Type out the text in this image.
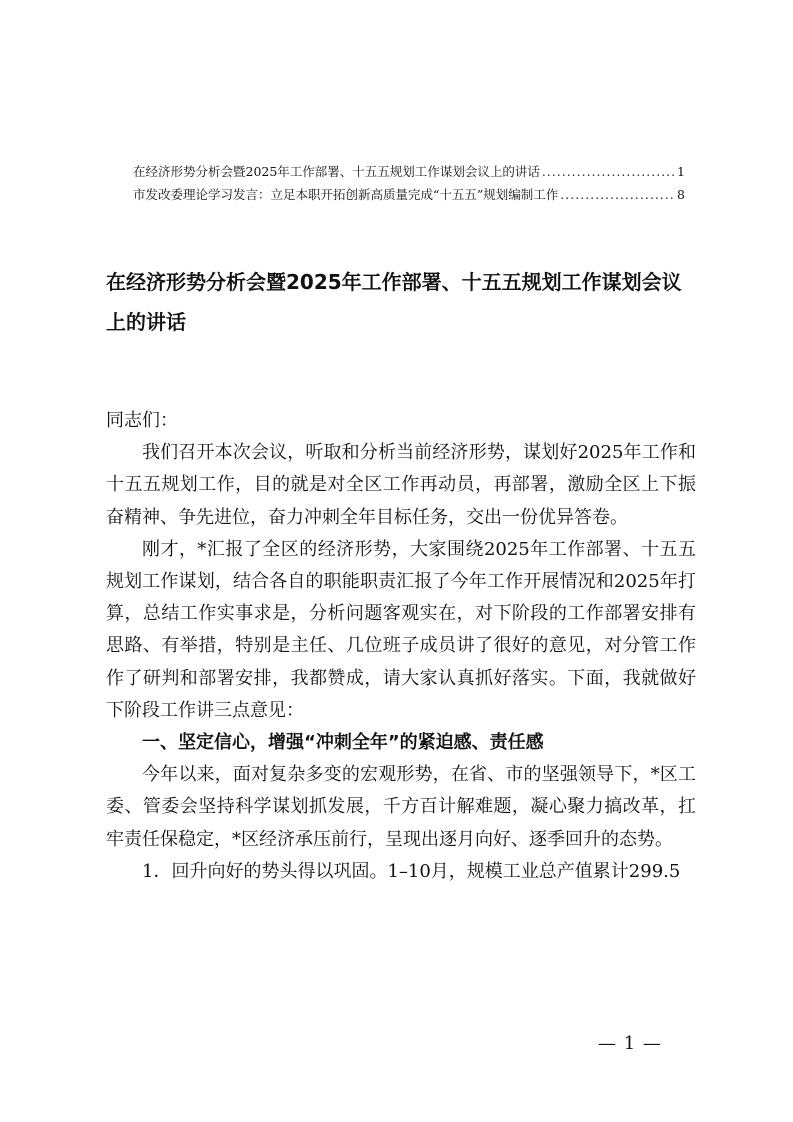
在经济形势分析会暨2025年工作部署、十五五规划工作谋划会议上的讲话 .....	1
市发改委理论学习发言：立足本职开拓创新高质量完成“十五五”规划编制工作 .....	8
在经济形势分析会暨2025年工作部署、十五五规划工作谋划会议上的讲话

同志们：

我们召开本次会议，听取和分析当前经济形势，谋划好2025年工作和十五五规划工作，目的就是对全区工作再动员，再部署，激励全区上下振奋精神、争先进位，奋力冲刺全年目标任务，交出一份优异答卷。

刚才，*汇报了全区的经济形势，大家围绕2025年工作部署、十五五规划工作谋划，结合各自的职能职责汇报了今年工作开展情况和2025年打算，总结工作实事求是，分析问题客观实在，对下阶段的工作部署安排有思路、有举措，特别是主任、几位班子成员讲了很好的意见，对分管工作作了研判和部署安排，我都赞成，请大家认真抓好落实。下面，我就做好下阶段工作讲三点意见：

一、坚定信心，增强“冲刺全年”的紧迫感、责任感

今年以来，面对复杂多变的宏观形势，在省、市的坚强领导下，*区工委、管委会坚持科学谋划抓发展，千方百计解难题，凝心聚力搞改革，扛牢责任保稳定，*区经济承压前行，呈现出逐月向好、逐季回升的态势。

1．回升向好的势头得以巩固。1–10月，规模工业总产值累计299.5

— 1 —
